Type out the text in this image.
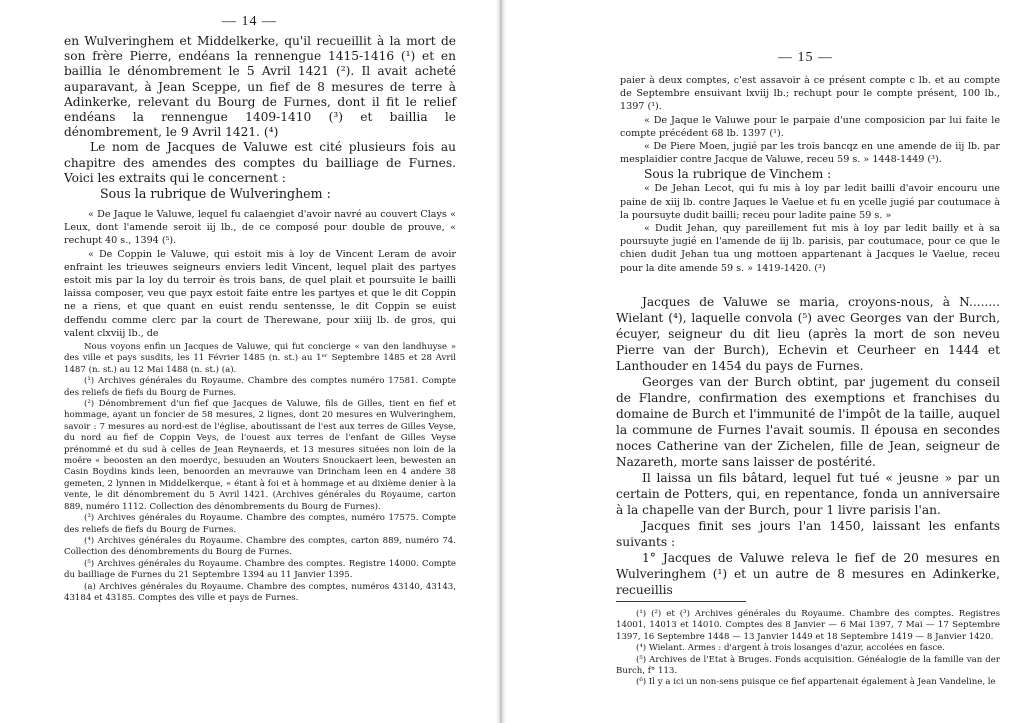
— 14 —

en Wulveringhem et Middelkerke, qu'il recueillit à la mort de son frère Pierre, endéans la rennengue 1415-1416 (¹) et en baillia le dénombrement le 5 Avril 1421 (²). Il avait acheté auparavant, à Jean Sceppe, un fief de 8 mesures de terre à Adinkerke, relevant du Bourg de Furnes, dont il fit le relief endéans la rennengue 1409-1410 (³) et baillia le dénombrement, le 9 Avril 1421. (⁴)

Le nom de Jacques de Valuwe est cité plusieurs fois au chapitre des amendes des comptes du bailliage de Furnes. Voici les extraits qui le concernent :

Sous la rubrique de Wulveringhem :

« De Jaque le Valuwe, lequel fu calaengiet d'avoir navré au couvert Clays « Leux, dont l'amende seroit iij lb., de ce composé pour double de prouve, « rechupt 40 s., 1394 (⁵).

« De Coppin le Valuwe, qui estoit mis à loy de Vincent Leram de avoir enfraint les trieuwes seigneurs enviers ledit Vincent, lequel plait des partyes estoit mis par la loy du terroir ès trois bans, de quel plait et poursuite le bailli laissa composer, veu que payx estoit faite entre les partyes et que le dit Coppin ne a riens, et que quant en euist rendu sentensse, le dit Coppin se euist deffendu comme clerc par la court de Therewane, pour xiiij lb. de gros, qui valent clxviij lb., de

Nous voyons enfin un Jacques de Valuwe, qui fut concierge « van den landhuyse » des ville et pays susdits, les 11 Février 1485 (n. st.) au 1ᵉʳ Septembre 1485 et 28 Avril 1487 (n. st.) au 12 Mai 1488 (n. st.) (a).

(¹) Archives générales du Royaume. Chambre des comptes numéro 17581. Compte des reliefs de fiefs du Bourg de Furnes.

(²) Dénombrement d'un fief que Jacques de Valuwe, fils de Gilles, tient en fief et hommage, ayant un foncier de 58 mesures, 2 lignes, dont 20 mesures en Wulveringhem, savoir : 7 mesures au nord-est de l'église, aboutissant de l'est aux terres de Gilles Veyse, du nord au fief de Coppin Veys, de l'ouest aux terres de l'enfant de Gilles Veyse prénommé et du sud à celles de Jean Reynaerds, et 13 mesures situées non loin de la moëre « beoosten an den moerdyc, besuuden an Wouters Snouckaert leen, bewesten an Casin Boydins kinds leen, benoorden an mevrauwe van Drincham leen en 4 andere 38 gemeten, 2 lynnen in Middelkerque, « étant à foi et à hommage et au dixième denier à la vente, le dit dénombrement du 5 Avril 1421. (Archives générales du Royaume, carton 889, numéro 1112. Collection des dénombrements du Bourg de Furnes).

(³) Archives générales du Royaume. Chambre des comptes, numéro 17575. Compte des reliefs de fiefs du Bourg de Furnes.

(⁴) Archives générales du Royaume. Chambre des comptes, carton 889, numéro 74. Collection des dénombrements du Bourg de Furnes.

(⁵) Archives générales du Royaume. Chambre des comptes. Registre 14000. Compte du bailliage de Furnes du 21 Septembre 1394 au 11 Janvier 1395.

(a) Archives générales du Royaume. Chambre des comptes, numéros 43140, 43143, 43184 et 43185. Comptes des ville et pays de Furnes.

— 15 —

paier à deux comptes, c'est assavoir à ce présent compte c lb. et au compte de Septembre ensuivant lxviij lb.; rechupt pour le compte présent, 100 lb., 1397 (¹).

« De Jaque le Valuwe pour le parpaie d'une composicion par lui faite le compte précédent 68 lb. 1397 (¹).

« De Piere Moen, jugié par les trois bancqz en une amende de iij lb. par mesplaidier contre Jacque de Valuwe, receu 59 s. » 1448-1449 (³).

Sous la rubrique de Vinchem :

« De Jehan Lecot, qui fu mis à loy par ledit bailli d'avoir encouru une paine de xiij lb. contre Jaques le Vaelue et fu en ycelle jugié par coutumace à la poursuyte dudit bailli; receu pour ladite paine 59 s. »

« Dudit Jehan, quy pareillement fut mis à loy par ledit bailly et à sa poursuyte jugié en l'amende de iij lb. parisis, par coutumace, pour ce que le chien dudit Jehan tua ung mottoen appartenant à Jacques le Vaelue, receu pour la dite amende 59 s. » 1419-1420. (³)

Jacques de Valuwe se maria, croyons-nous, à N........ Wielant (⁴), laquelle convola (⁵) avec Georges van der Burch, écuyer, seigneur du dit lieu (après la mort de son neveu Pierre van der Burch), Echevin et Ceurheer en 1444 et Lanthouder en 1454 du pays de Furnes.

Georges van der Burch obtint, par jugement du conseil de Flandre, confirmation des exemptions et franchises du domaine de Burch et l'immunité de l'impôt de la taille, auquel la commune de Furnes l'avait soumis. Il épousa en secondes noces Catherine van der Zichelen, fille de Jean, seigneur de Nazareth, morte sans laisser de postérité.

Il laissa un fils bâtard, lequel fut tué « jeusne » par un certain de Potters, qui, en repentance, fonda un anniversaire à la chapelle van der Burch, pour 1 livre parisis l'an.

Jacques finit ses jours l'an 1450, laissant les enfants suivants :

1° Jacques de Valuwe releva le fief de 20 mesures en Wulveringhem (¹) et un autre de 8 mesures en Adinkerke, recueillis

(¹) (²) et (³) Archives générales du Royaume. Chambre des comptes. Registres 14001, 14013 et 14010. Comptes des 8 Janvier — 6 Mai 1397, 7 Mai — 17 Septembre 1397, 16 Septembre 1448 — 13 Janvier 1449 et 18 Septembre 1419 — 8 Janvier 1420.

(⁴) Wielant. Armes : d'argent à trois losanges d'azur, accolées en fasce.

(⁵) Archives de l'Etat à Bruges. Fonds acquisition. Généalogie de la famille van der Burch, f° 113.

(⁶) Il y a ici un non-sens puisque ce fief appartenait également à Jean Vandeline, le
